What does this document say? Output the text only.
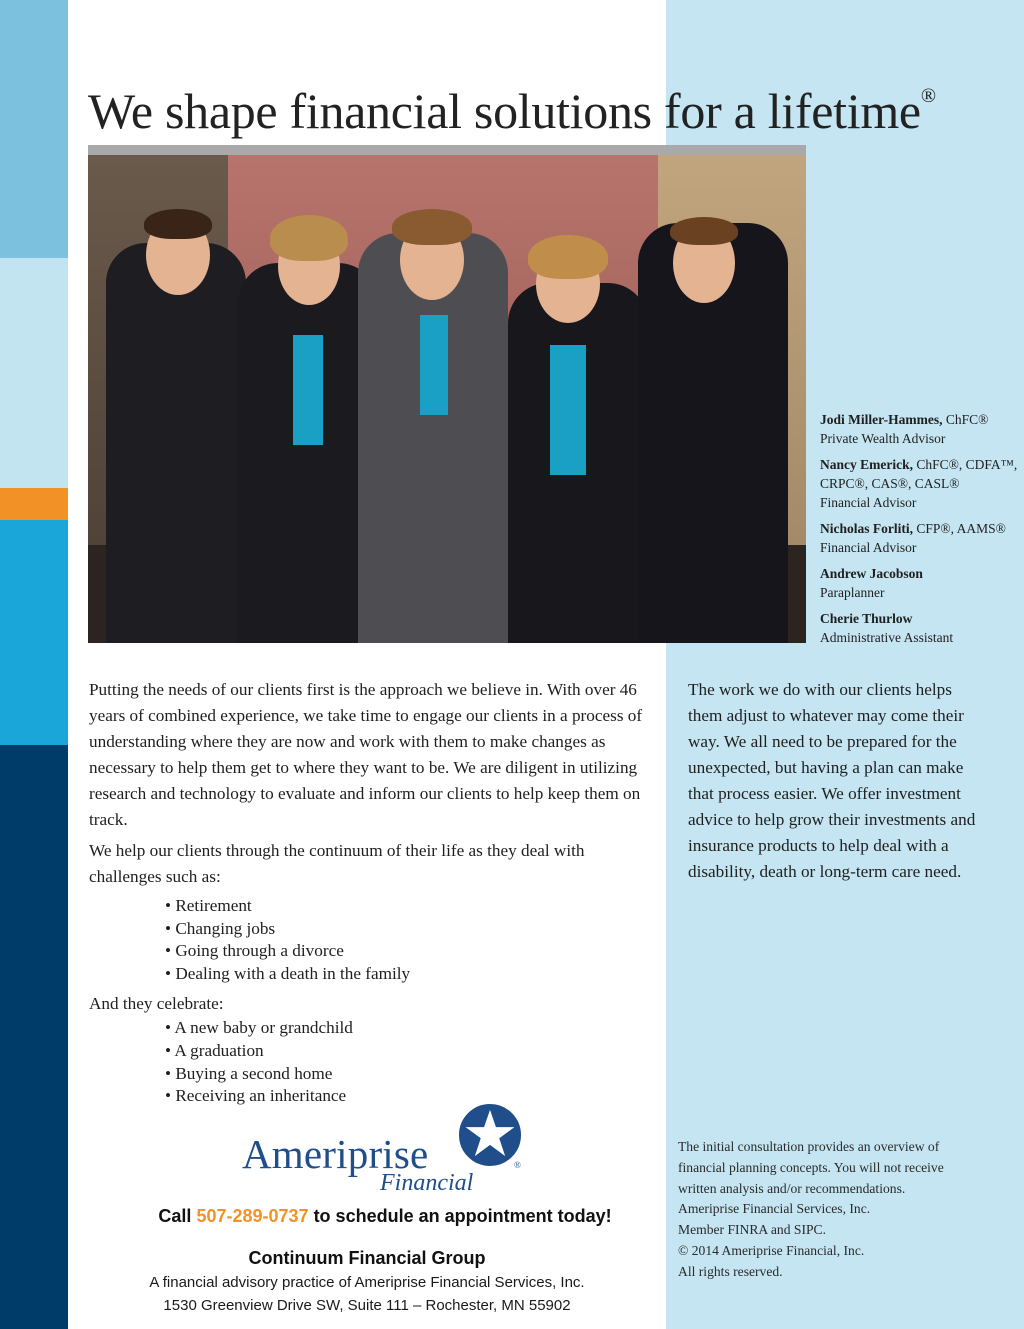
We shape financial solutions for a lifetime®
Jodi Miller-Hammes, ChFC®
Private Wealth Advisor
Nancy Emerick, ChFC®, CDFA™, CRPC®, CAS®, CASL®
Financial Advisor
Nicholas Forliti, CFP®, AAMS®
Financial Advisor
Andrew Jacobson
Paraplanner
Cherie Thurlow
Administrative Assistant

Putting the needs of our clients first is the approach we believe in. With over 46 years of combined experience, we take time to engage our clients in a process of understanding where they are now and work with them to make changes as necessary to help them get to where they want to be. We are diligent in utilizing research and technology to evaluate and inform our clients to help keep them on track.

We help our clients through the continuum of their life as they deal with challenges such as:

• Retirement
• Changing jobs
• Going through a divorce
• Dealing with a death in the family

And they celebrate:

• A new baby or grandchild
• A graduation
• Buying a second home
• Receiving an inheritance
The work we do with our clients helps them adjust to whatever may come their way. We all need to be prepared for the unexpected, but having a plan can make that process easier. We offer investment advice to help grow their investments and insurance products to help deal with a disability, death or long-term care need.
Ameriprise
Financial
®
Call 507-289-0737 to schedule an appointment today!
Continuum Financial Group
A financial advisory practice of Ameriprise Financial Services, Inc.
1530 Greenview Drive SW, Suite 111 – Rochester, MN 55902
The initial consultation provides an overview of
financial planning concepts. You will not receive
written analysis and/or recommendations.
Ameriprise Financial Services, Inc.
Member FINRA and SIPC.
© 2014 Ameriprise Financial, Inc.
All rights reserved.
